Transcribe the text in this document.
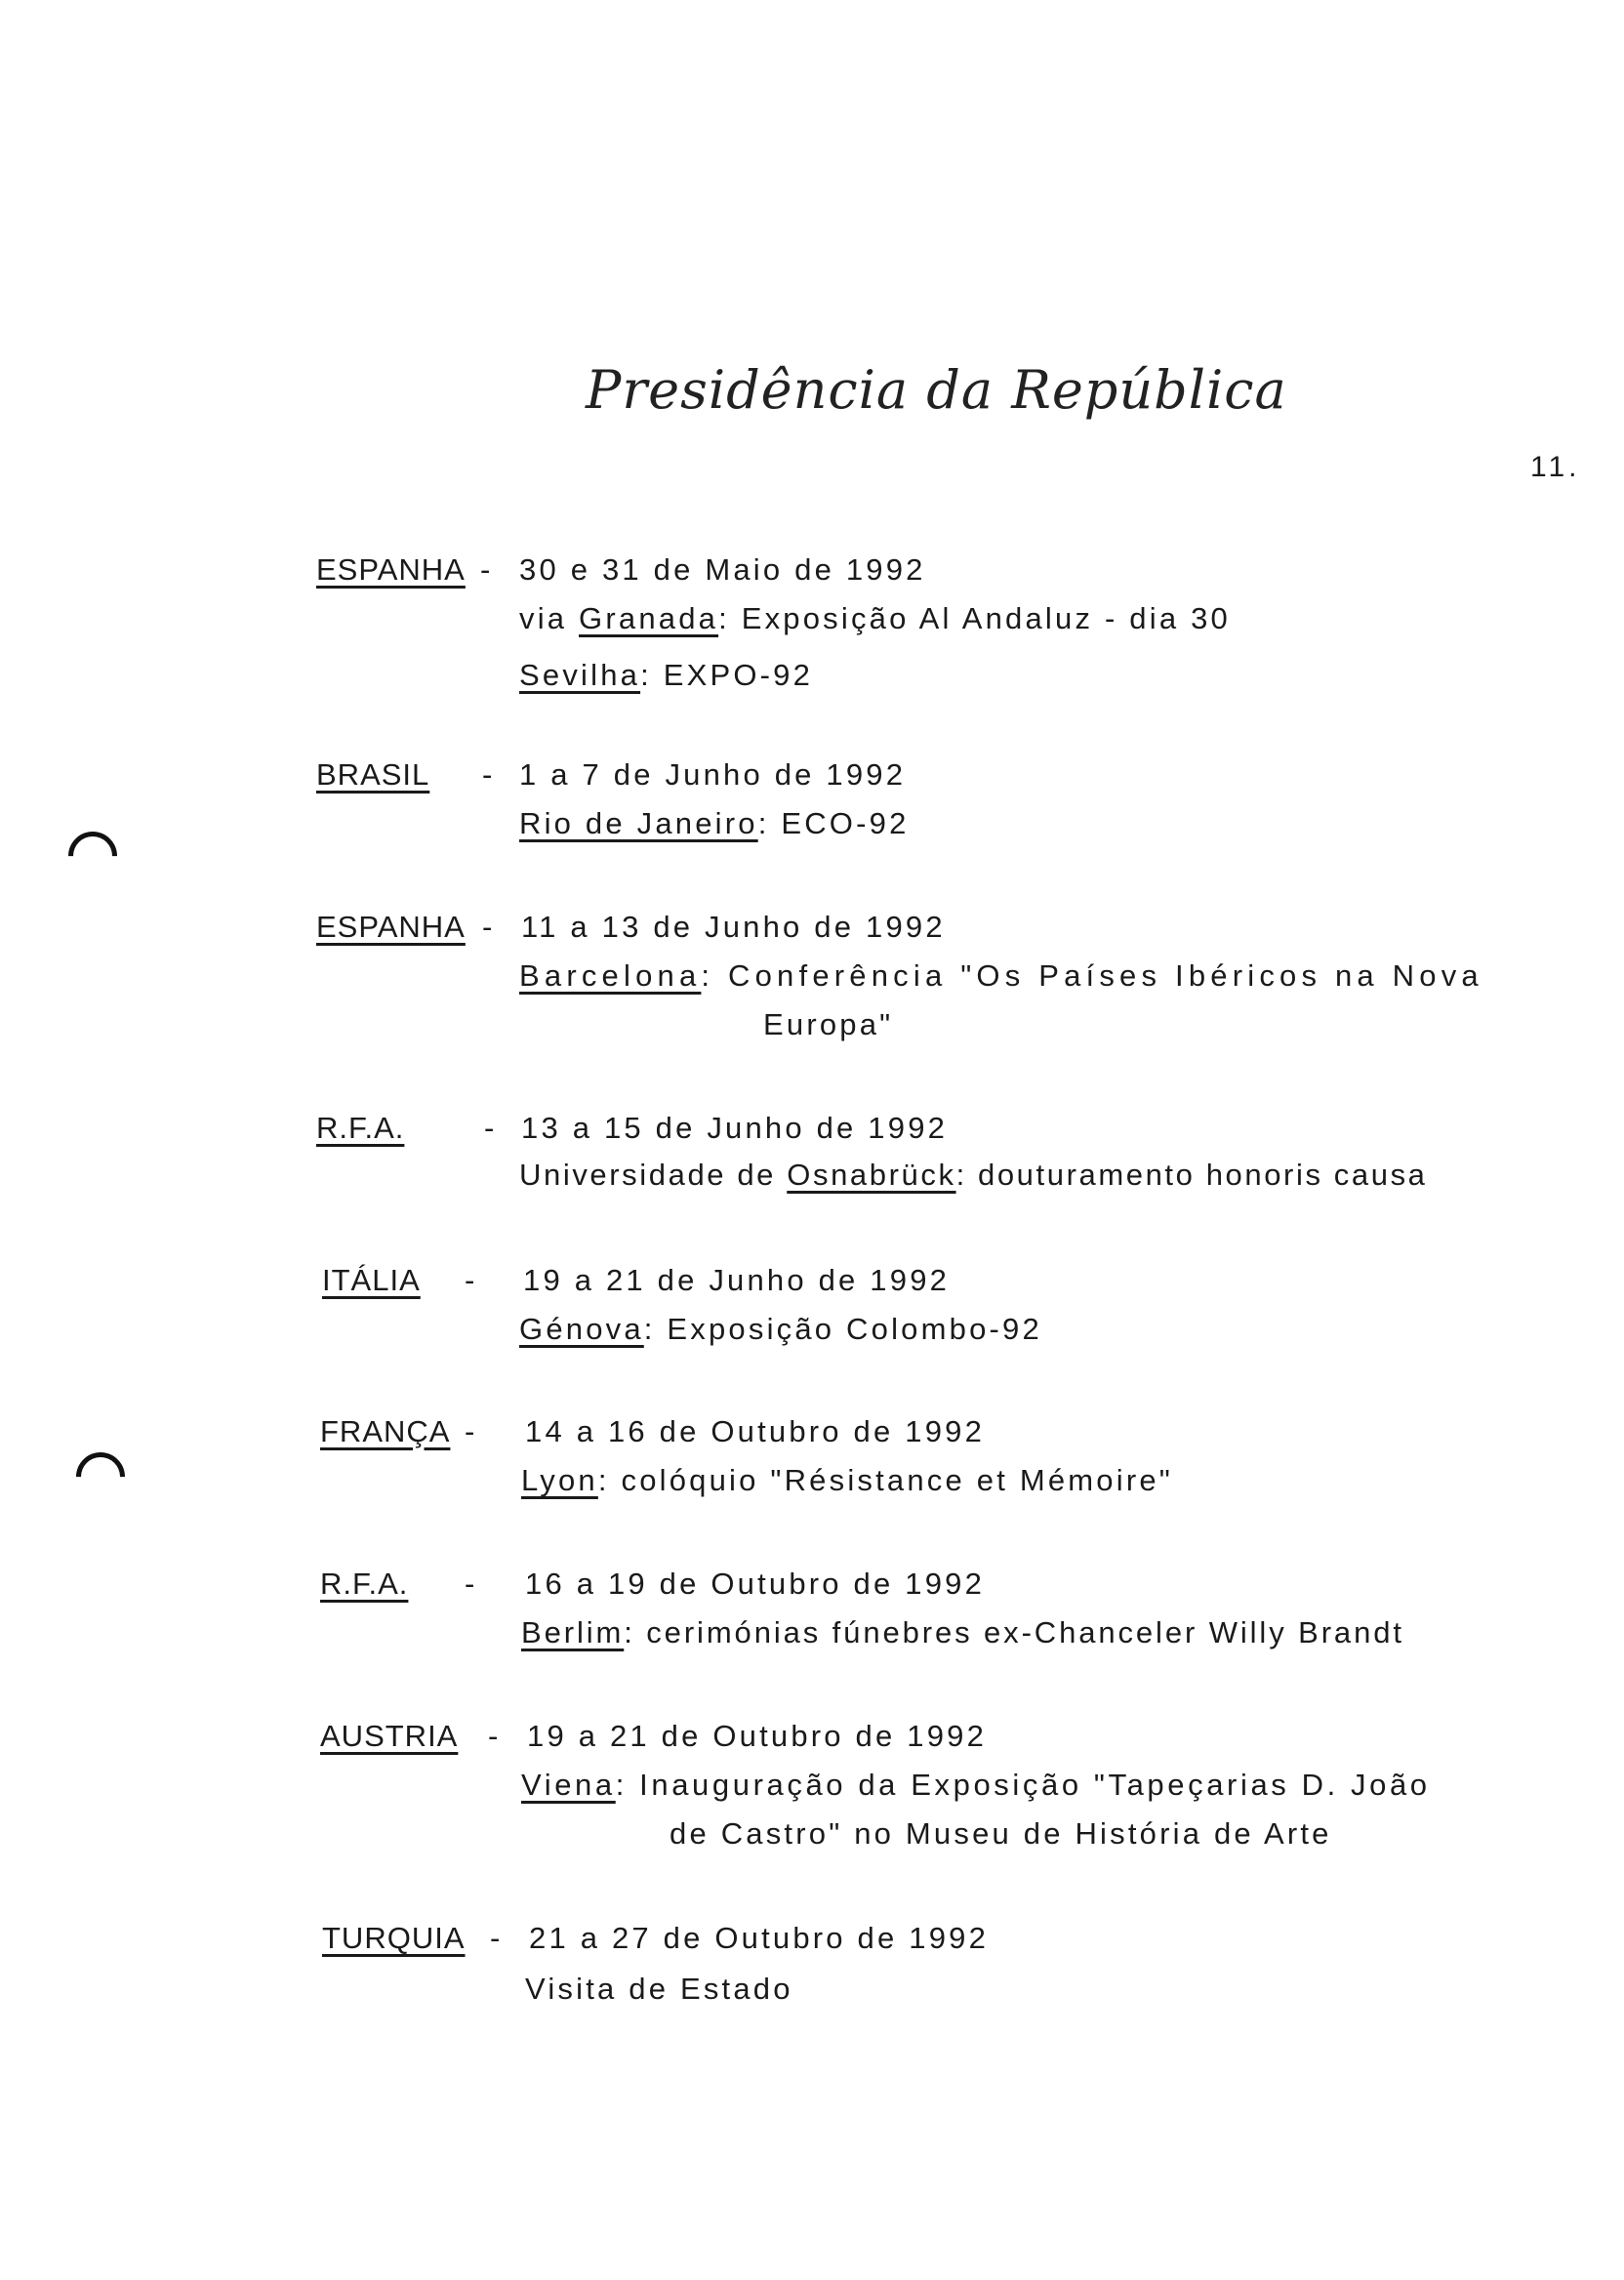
Presidência da República
11.
ESPANHA - 30 e 31 de Maio de 1992
via Granada: Exposição Al Andaluz - dia 30
Sevilha: EXPO-92
BRASIL - 1 a 7 de Junho de 1992
Rio de Janeiro: ECO-92
ESPANHA - 11 a 13 de Junho de 1992
Barcelona: Conferência "Os Países Ibéricos na Nova
Europa"
R.F.A.	- 13 a 15 de Junho de 1992
Universidade de Osnabrück: douturamento honoris causa
ITÁLIA - 19 a 21 de Junho de 1992
Génova: Exposição Colombo-92
FRANÇA - 14 a 16 de Outubro de 1992
Lyon: colóquio "Résistance et Mémoire"
R.F.A. - 16 a 19 de Outubro de 1992
Berlim: cerimónias fúnebres ex-Chanceler Willy Brandt
AUSTRIA - 19 a 21 de Outubro de 1992
Viena: Inauguração da Exposição "Tapeçarias D. João
de Castro" no Museu de História de Arte
TURQUIA - 21 a 27 de Outubro de 1992
Visita de Estado
